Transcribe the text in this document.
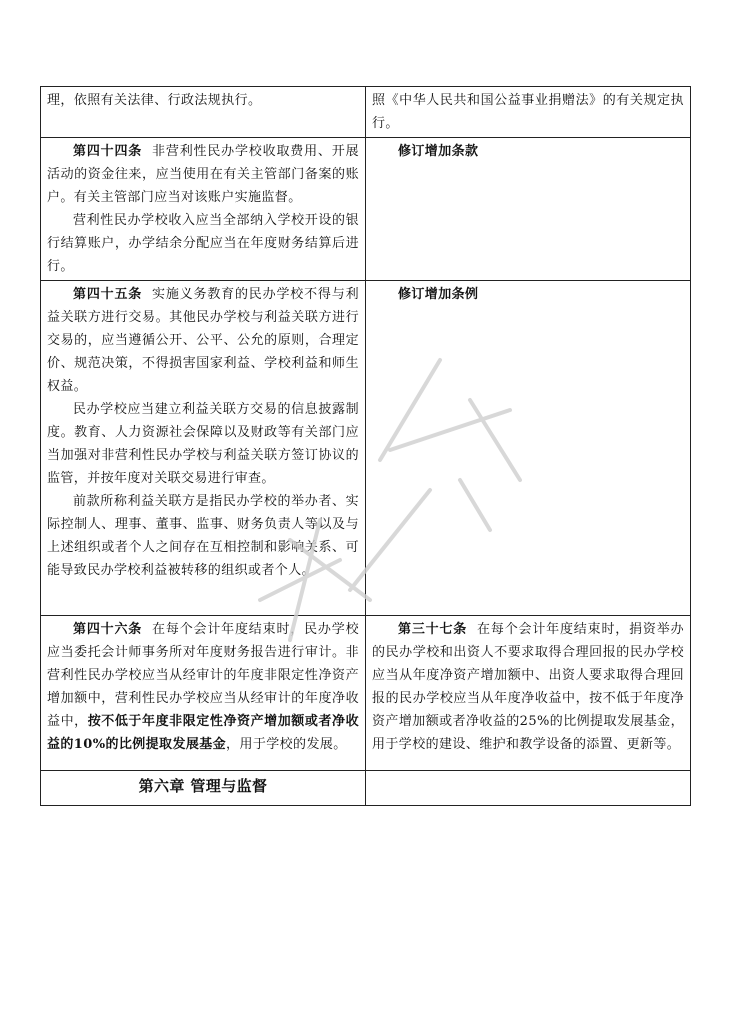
理，依照有关法律、行政法规执行。	照《中华人民共和国公益事业捐赠法》的有关规定执行。

第四十四条 非营利性民办学校收取费用、开展活动的资金往来，应当使用在有关主管部门备案的账户。有关主管部门应当对该账户实施监督。

营利性民办学校收入应当全部纳入学校开设的银行结算账户，办学结余分配应当在年度财务结算后进行。	修订增加条款

第四十五条 实施义务教育的民办学校不得与利益关联方进行交易。其他民办学校与利益关联方进行交易的，应当遵循公开、公平、公允的原则，合理定价、规范决策，不得损害国家利益、学校利益和师生权益。

民办学校应当建立利益关联方交易的信息披露制度。教育、人力资源社会保障以及财政等有关部门应当加强对非营利性民办学校与利益关联方签订协议的监管，并按年度对关联交易进行审查。

前款所称利益关联方是指民办学校的举办者、实际控制人、理事、董事、监事、财务负责人等以及与上述组织或者个人之间存在互相控制和影响关系、可能导致民办学校利益被转移的组织或者个人。	修订增加条例

第四十六条 在每个会计年度结束时，民办学校应当委托会计师事务所对年度财务报告进行审计。非营利性民办学校应当从经审计的年度非限定性净资产增加额中，营利性民办学校应当从经审计的年度净收益中，按不低于年度非限定性净资产增加额或者净收益的10%的比例提取发展基金，用于学校的发展。	第三十七条 在每个会计年度结束时，捐资举办的民办学校和出资人不要求取得合理回报的民办学校应当从年度净资产增加额中、出资人要求取得合理回报的民办学校应当从年度净收益中，按不低于年度净资产增加额或者净收益的25%的比例提取发展基金，用于学校的建设、维护和教学设备的添置、更新等。

第六章 管理与监督	
